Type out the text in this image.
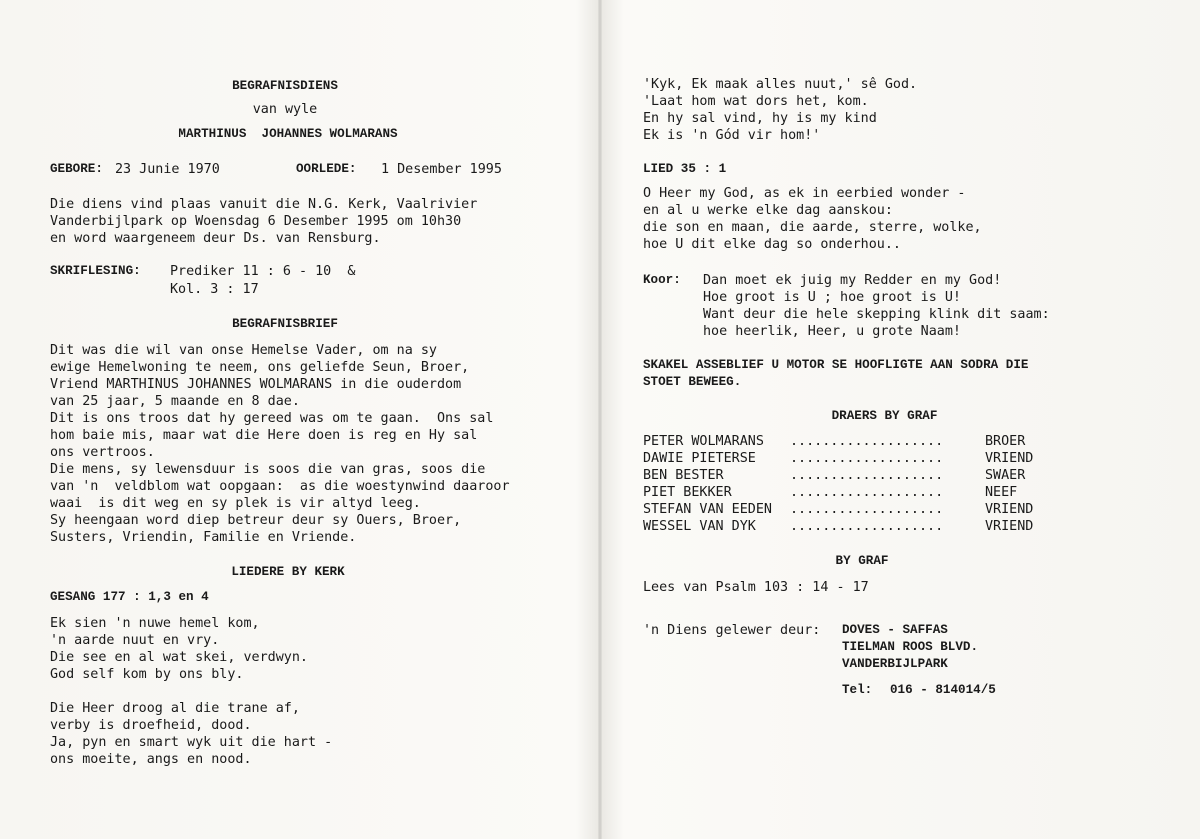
BEGRAFNISDIENS
van wyle
MARTHINUS  JOHANNES WOLMARANS
GEBORE: 23 Junie 1970	OORLEDE: 1 Desember 1995
Die diens vind plaas vanuit die N.G. Kerk, Vaalrivier
Vanderbijlpark op Woensdag 6 Desember 1995 om 10h30
en word waargeneem deur Ds. van Rensburg.
SKRIFLESING: Prediker 11 : 6 - 10  &
Kol. 3 : 17
BEGRAFNISBRIEF
Dit was die wil van onse Hemelse Vader, om na sy
ewige Hemelwoning te neem, ons geliefde Seun, Broer,
Vriend MARTHINUS JOHANNES WOLMARANS in die ouderdom
van 25 jaar, 5 maande en 8 dae.
Dit is ons troos dat hy gereed was om te gaan.  Ons sal
hom baie mis, maar wat die Here doen is reg en Hy sal
ons vertroos.
Die mens, sy lewensduur is soos die van gras, soos die
van 'n  veldblom wat oopgaan:  as die woestynwind daaroor
waai  is dit weg en sy plek is vir altyd leeg.
Sy heengaan word diep betreur deur sy Ouers, Broer,
Susters, Vriendin, Familie en Vriende.
LIEDERE BY KERK
GESANG 177 : 1,3 en 4
Ek sien 'n nuwe hemel kom,
'n aarde nuut en vry.
Die see en al wat skei, verdwyn.
God self kom by ons bly.
Die Heer droog al die trane af,
verby is droefheid, dood.
Ja, pyn en smart wyk uit die hart -
ons moeite, angs en nood.
'Kyk, Ek maak alles nuut,' sê God.
'Laat hom wat dors het, kom.
En hy sal vind, hy is my kind
Ek is 'n Gód vir hom!'
LIED 35 : 1
O Heer my God, as ek in eerbied wonder -
en al u werke elke dag aanskou:
die son en maan, die aarde, sterre, wolke,
hoe U dit elke dag so onderhou..
Koor: Dan moet ek juig my Redder en my God!
Hoe groot is U ; hoe groot is U!
Want deur die hele skepping klink dit saam:
hoe heerlik, Heer, u grote Naam!
SKAKEL ASSEBLIEF U MOTOR SE HOOFLIGTE AAN SODRA DIE
STOET BEWEEG.
DRAERS BY GRAF
PETER WOLMARANS ...................	BROER
DAWIE PIETERSE	...................	VRIEND
BEN BESTER	...................	SWAER
PIET BEKKER	...................	NEEF
STEFAN VAN EEDEN ...................	VRIEND
WESSEL VAN DYK	...................	VRIEND
BY GRAF
Lees van Psalm 103 : 14 - 17
'n Diens gelewer deur: DOVES - SAFFAS
TIELMAN ROOS BLVD.
VANDERBIJLPARK
Tel: 016 - 814014/5
